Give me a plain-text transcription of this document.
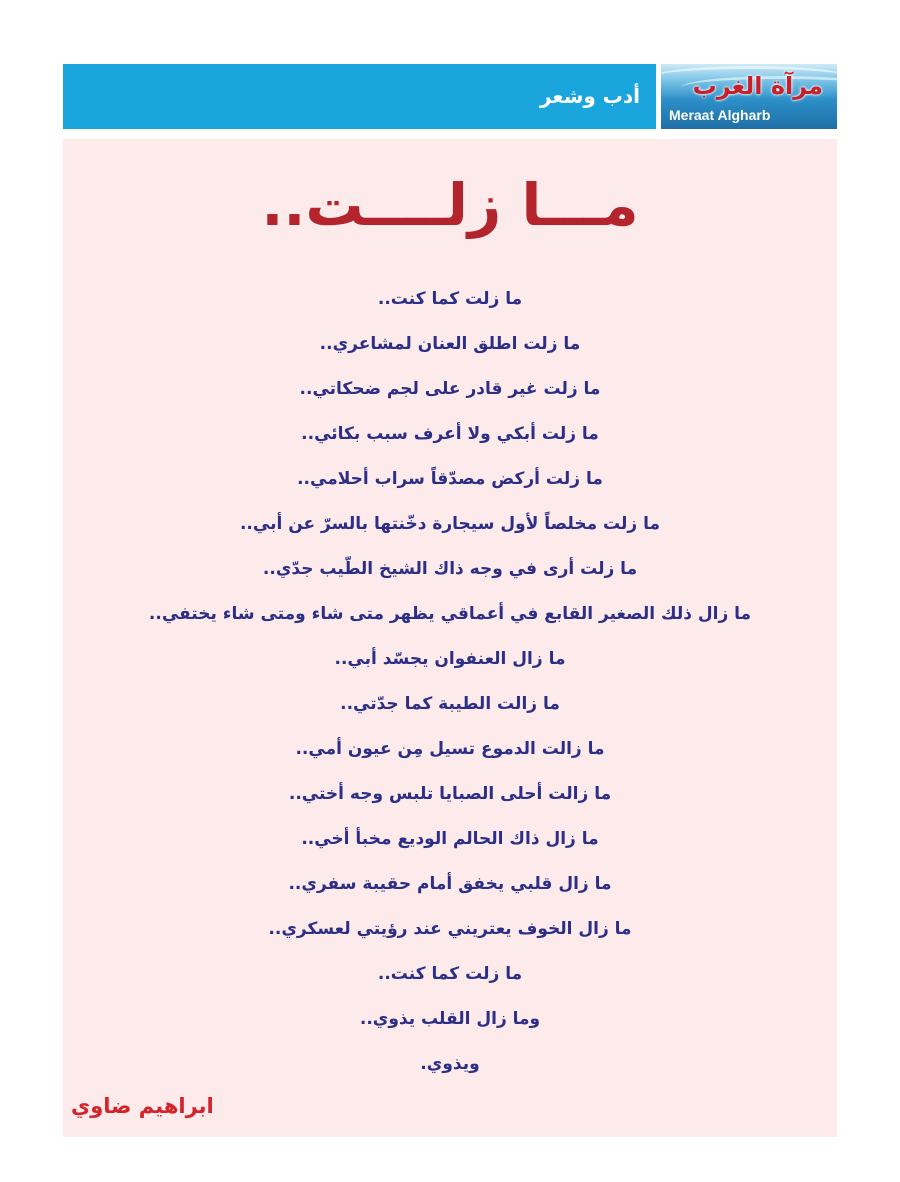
أدب وشعر مرآة الغرب
Meraat Algharb
مـــا زلــــت..
ما زلت كما كنت..
ما زلت اطلق العنان لمشاعري..
ما زلت غير قادر على لجم ضحكاتي..
ما زلت أبكي ولا أعرف سبب بكائي..
ما زلت أركض مصدّقاً سراب أحلامي..
ما زلت مخلصاً لأول سيجارة دخّنتها بالسرّ عن أبي..
ما زلت أرى في وجه ذاك الشيخ الطّيب جدّي..
ما زال ذلك الصغير القابع في أعماقي يظهر متى شاء ومتى شاء يختفي..
ما زال العنفوان يجسّد أبي..
ما زالت الطيبة كما جدّتي..
ما زالت الدموع تسيل مِن عيون أمي..
ما زالت أحلى الصبايا تلبس وجه أختي..
ما زال ذاك الحالم الوديع مخبأ أخي..
ما زال قلبي يخفق أمام حقيبة سفري..
ما زال الخوف يعتريني عند رؤيتي لعسكري..
ما زلت كما كنت..
وما زال القلب يذوي..
ويذوي.
ابراهيم ضاوي
